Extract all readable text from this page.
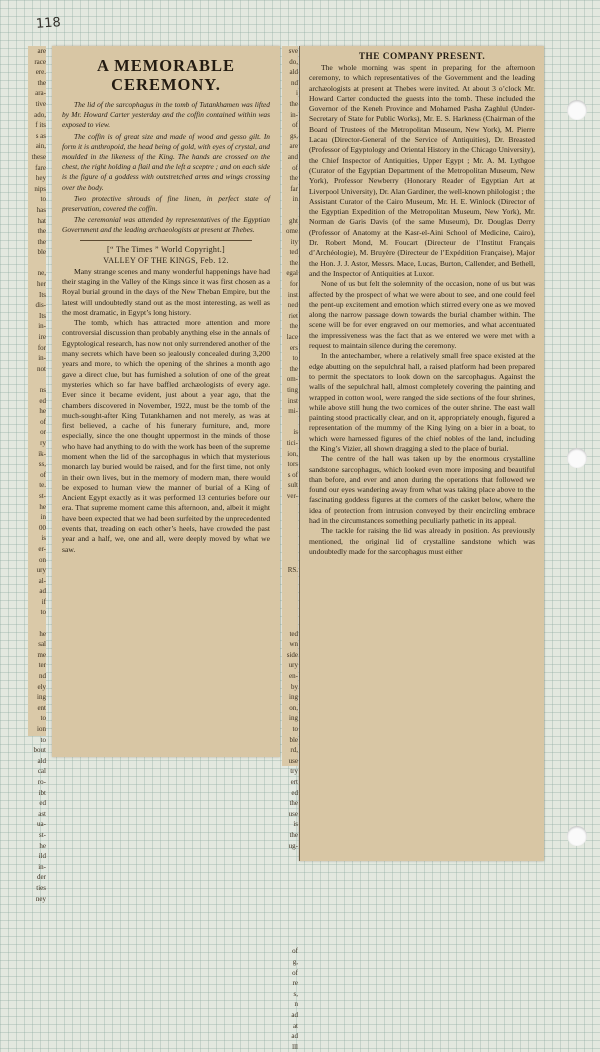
118
are
race
ere.
the
ara-
tive
ado,
f its
s as
ain,
these
fare
hey
nips
to
has
hat
the
the
ble
ne,
her
Its
dis-
Its
in-
ire
for
in-
not
ns
ed
he
of
or
ry
ik-
ss,
of
te.
st-
he
in
00
is
er-
on
ury
al-
ad
if
to
he
sal
me
ter
nd
ely
ing
ent
to
ion
to
bout
ald
cal
ro-
ibt
ed
ast
ua-
st-
he
ild
in-
der
ties
ney
A MEMORABLE
CEREMONY.

The lid of the sarcophagus in the tomb of Tutankhamen was lifted by Mr. Howard Carter yesterday and the coffin contained within was exposed to view.

The coffin is of great size and made of wood and gesso gilt. In form it is anthropoid, the head being of gold, with eyes of crystal, and moulded in the likeness of the King. The hands are crossed on the chest, the right holding a flail and the left a sceptre ; and on each side is the figure of a goddess with outstretched arms and wings crossing over the body.

Two protective shrouds of fine linen, in perfect state of preservation, covered the coffin.

The ceremonial was attended by representatives of the Egyptian Government and the leading archaeologists at present at Thebes.

[“ The Times ” World Copyright.]
VALLEY OF THE KINGS, Feb. 12.

Many strange scenes and many wonderful happenings have had their staging in the Valley of the Kings since it was first chosen as a Royal burial ground in the days of the New Theban Empire, but the latest will undoubtedly stand out as the most interesting, as well as the most dramatic, in Egypt’s long history.

The tomb, which has attracted more attention and more controversial discussion than probably anything else in the annals of Egyptological research, has now not only surrendered another of the many secrets which have been so jealously concealed during 3,200 years and more, to which the opening of the shrines a month ago gave a direct clue, but has furnished a solution of one of the great mysteries which so far have baffled archæologists of every age. Ever since it became evident, just about a year ago, that the chambers discovered in November, 1922, must be the tomb of the much-sought-after King Tutankhamen and not merely, as was at first believed, a cache of his funerary furniture, and, more especially, since the one thought uppermost in the minds of those who have had anything to do with the work has been of the supreme moment when the lid of the sarcophagus in which that mysterious monarch lay buried would be raised, and for the first time, not only in their own lives, but in the memory of modern man, there would be exposed to human view the manner of burial of a King of Ancient Egypt exactly as it was performed 13 centuries before our era. That supreme moment came this afternoon, and, albeit it might have been expected that we had been surfeited by the unprecedented events that, treading on each other’s heels, have crowded the past year and a half, we, one and all, were deeply moved by what we saw.

sve
do,
ald
nd
i
the
in-
of
gs,
are
and
of
the
far
in
ght
ome
ity
ted
the
egal
for
inst
ned
riet
the
lace
ers
to
the
om-
ting
inst
mi-
is
tici-
ion,
tors
s of
sult
ver-
RS.
ted
wn
side
ury
en-
by
ing
on,
ing
to
ble
rd,
use
try
ert
ed
the
use
is
the
ug-
of
g,
of
re
s,
n
ad
at
ad
lll
THE COMPANY PRESENT.

The whole morning was spent in preparing for the afternoon ceremony, to which representatives of the Government and the leading archæologists at present at Thebes were invited. At about 3 o’clock Mr. Howard Carter conducted the guests into the tomb. These included the Governor of the Keneh Province and Mohamed Pasha Zaghlul (Under-Secretary of State for Public Works), Mr. E. S. Harkness (Chairman of the Board of Trustees of the Metropolitan Museum, New York), M. Pierre Lacau (Director-General of the Service of Antiquities), Dr. Breasted (Professor of Egyptology and Oriental History in the Chicago University), the Chief Inspector of Antiquities, Upper Egypt ; Mr. A. M. Lythgoe (Curator of the Egyptian Department of the Metropolitan Museum, New York), Professor Newberry (Honorary Reader of Egyptian Art at Liverpool University), Dr. Alan Gardiner, the well-known philologist ; the Assistant Curator of the Cairo Museum, Mr. H. E. Winlock (Director of the Egyptian Expedition of the Metropolitan Museum, New York), Mr. Norman de Garis Davis (of the same Museum), Dr. Douglas Derry (Professor of Anatomy at the Kasr-el-Aini School of Medicine, Cairo), Dr. Robert Mond, M. Foucart (Directeur de l’Institut Français d’Archéologie), M. Bruyère (Directeur de l’Expédition Française), Major the Hon. J. J. Astor, Messrs. Mace, Lucas, Burton, Callender, and Bethell, and the Inspector of Antiquities at Luxor.

None of us but felt the solemnity of the occasion, none of us but was affected by the prospect of what we were about to see, and one could feel the pent-up excitement and emotion which stirred every one as we moved along the narrow passage down towards the burial chamber within. The scene will be for ever engraved on our memories, and what accentuated the impressiveness was the fact that as we entered we were met with a request to maintain silence during the ceremony.

In the antechamber, where a relatively small free space existed at the edge abutting on the sepulchral hall, a raised platform had been prepared to permit the spectators to look down on the sarcophagus. Against the walls of the sepulchral hall, almost completely covering the painting and wrapped in cotton wool, were ranged the side sections of the four shrines, while above still hung the two cornices of the outer shrine. The east wall painting stood practically clear, and on it, appropriately enough, figured a representation of the mummy of the King lying on a bier in a boat, to which were harnessed figures of the chief nobles of the land, including the King’s Vizier, all shown dragging a sled to the place of burial.

The centre of the hall was taken up by the enormous crystalline sandstone sarcophagus, which looked even more imposing and beautiful than before, and ever and anon during the operations that followed we found our eyes wandering away from what was taking place above to the fascinating goddess figures at the corners of the casket below, where the idea of protection from intrusion conveyed by their encircling embrace had in the circumstances something peculiarly pathetic in its appeal.

The tackle for raising the lid was already in position. As previously mentioned, the original lid of crystalline sandstone which was undoubtedly made for the sarcophagus must either
